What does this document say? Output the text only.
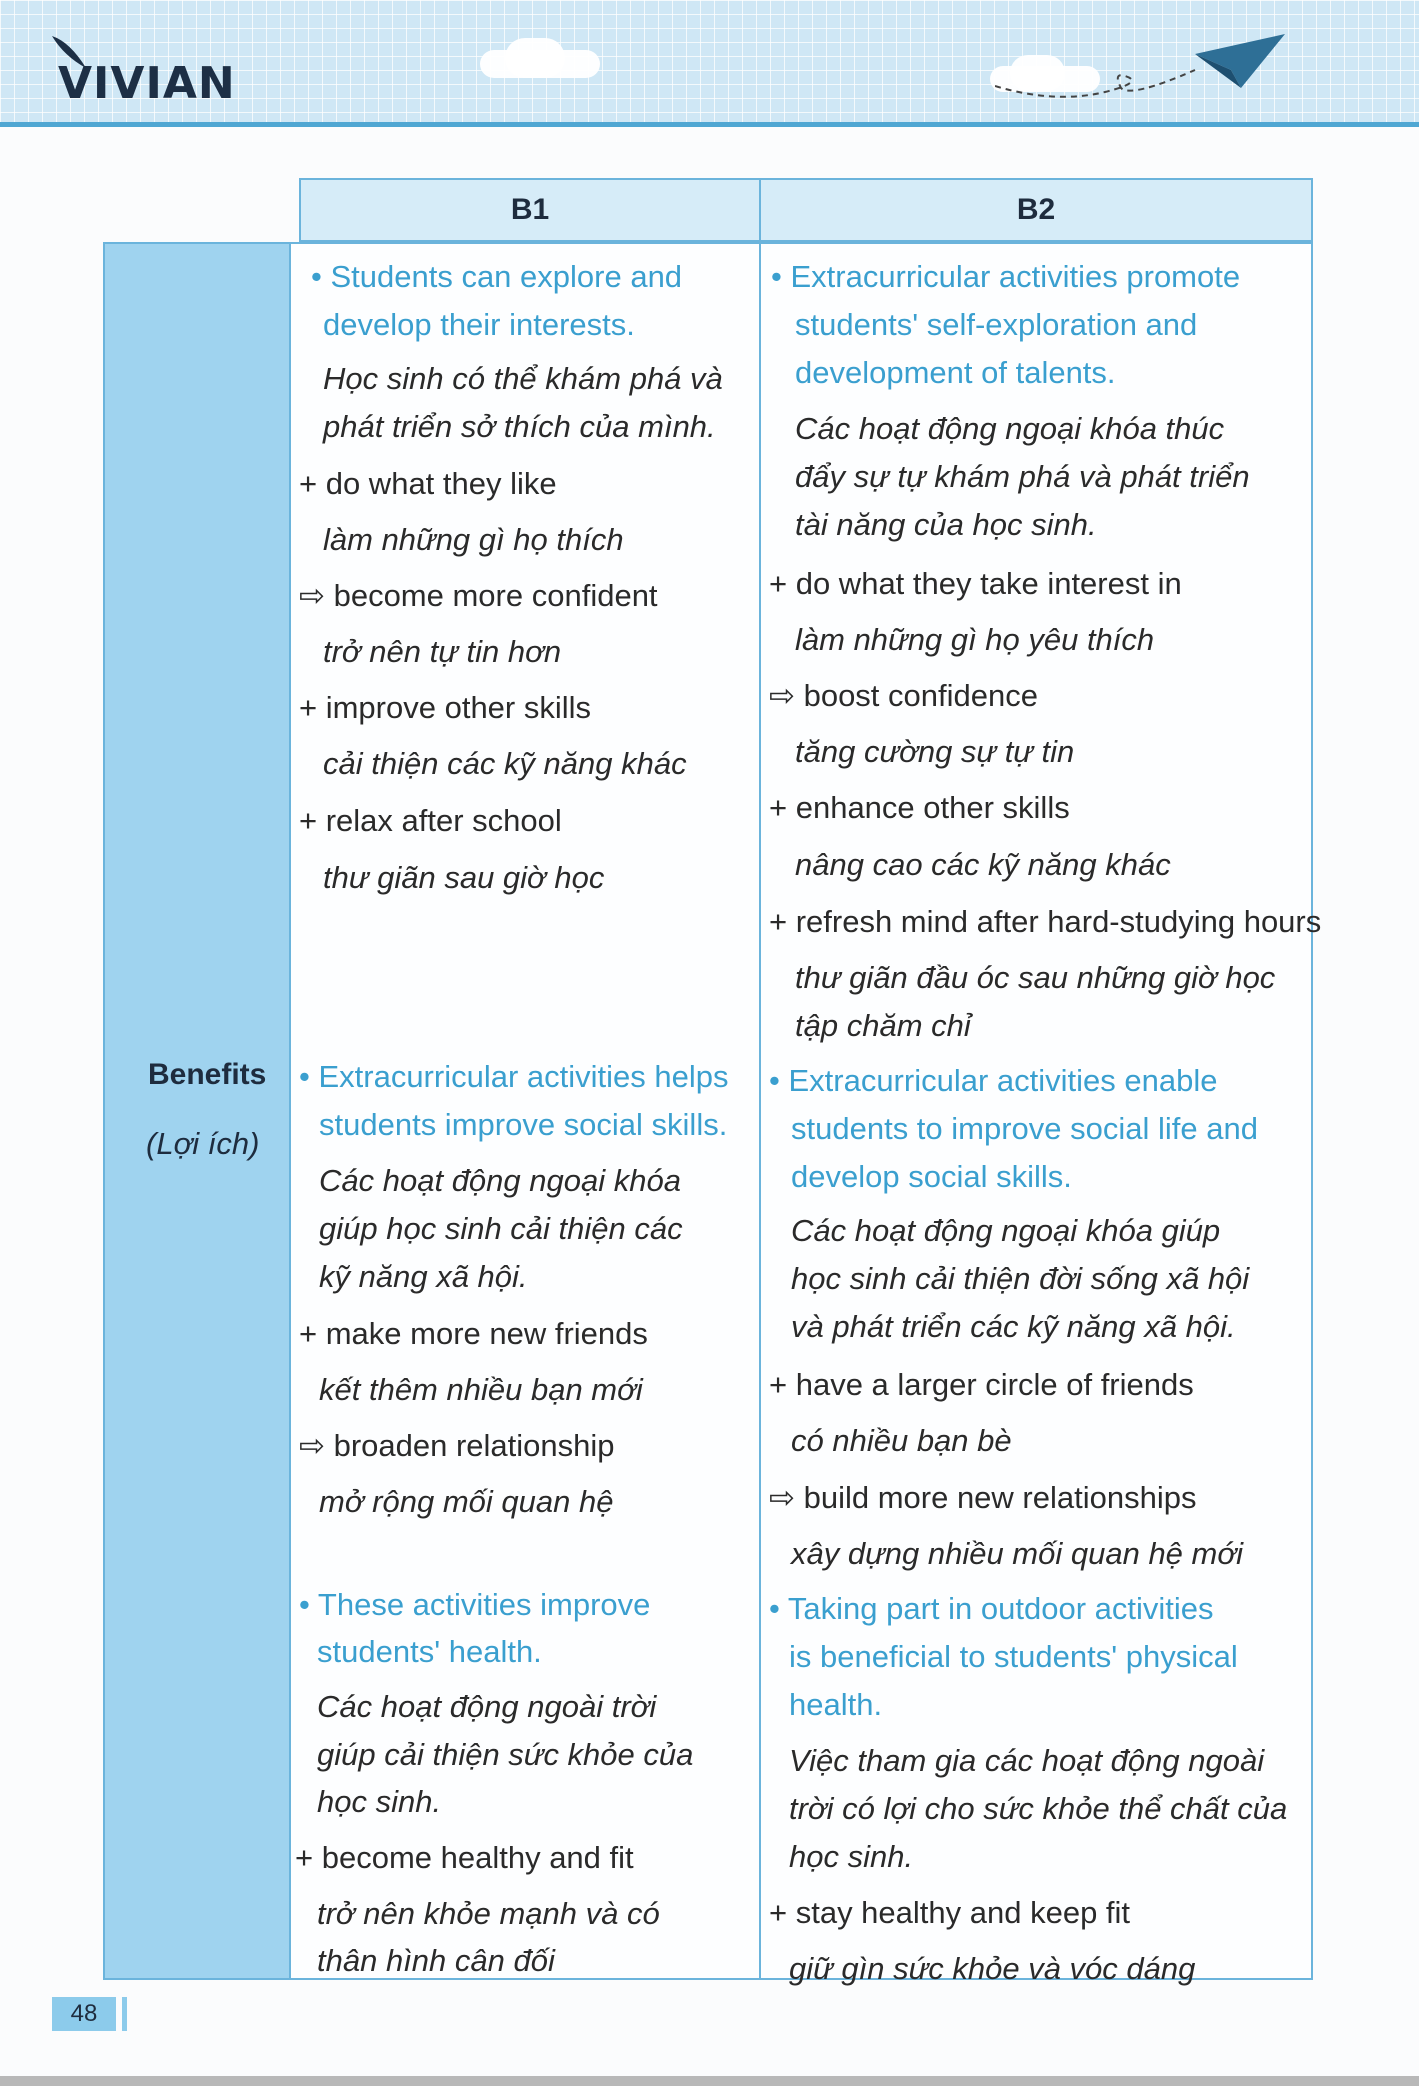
VIVIAN
B1	B2
Benefits
(Lợi ích)
• Students can explore and
develop their interests.
Học sinh có thể khám phá và
phát triển sở thích của mình.
+ do what they like
làm những gì họ thích
⇨ become more confident
trở nên tự tin hơn
+ improve other skills
cải thiện các kỹ năng khác
+ relax after school
thư giãn sau giờ học
• Extracurricular activities helps
students improve social skills.
Các hoạt động ngoại khóa
giúp học sinh cải thiện các
kỹ năng xã hội.
+ make more new friends
kết thêm nhiều bạn mới
⇨ broaden relationship
mở rộng mối quan hệ
• These activities improve
students' health.
Các hoạt động ngoài trời
giúp cải thiện sức khỏe của
học sinh.
+ become healthy and fit
trở nên khỏe mạnh và có
thân hình cân đối
• Extracurricular activities promote
students' self-exploration and
development of talents.
Các hoạt động ngoại khóa thúc
đẩy sự tự khám phá và phát triển
tài năng của học sinh.
+ do what they take interest in
làm những gì họ yêu thích
⇨ boost confidence
tăng cường sự tự tin
+ enhance other skills
nâng cao các kỹ năng khác
+ refresh mind after hard-studying hours
thư giãn đầu óc sau những giờ học
tập chăm chỉ
• Extracurricular activities enable
students to improve social life and
develop social skills.
Các hoạt động ngoại khóa giúp
học sinh cải thiện đời sống xã hội
và phát triển các kỹ năng xã hội.
+ have a larger circle of friends
có nhiều bạn bè
⇨ build more new relationships
xây dựng nhiều mối quan hệ mới
• Taking part in outdoor activities
is beneficial to students' physical
health.
Việc tham gia các hoạt động ngoài
trời có lợi cho sức khỏe thể chất của
học sinh.
+ stay healthy and keep fit
giữ gìn sức khỏe và vóc dáng
48
